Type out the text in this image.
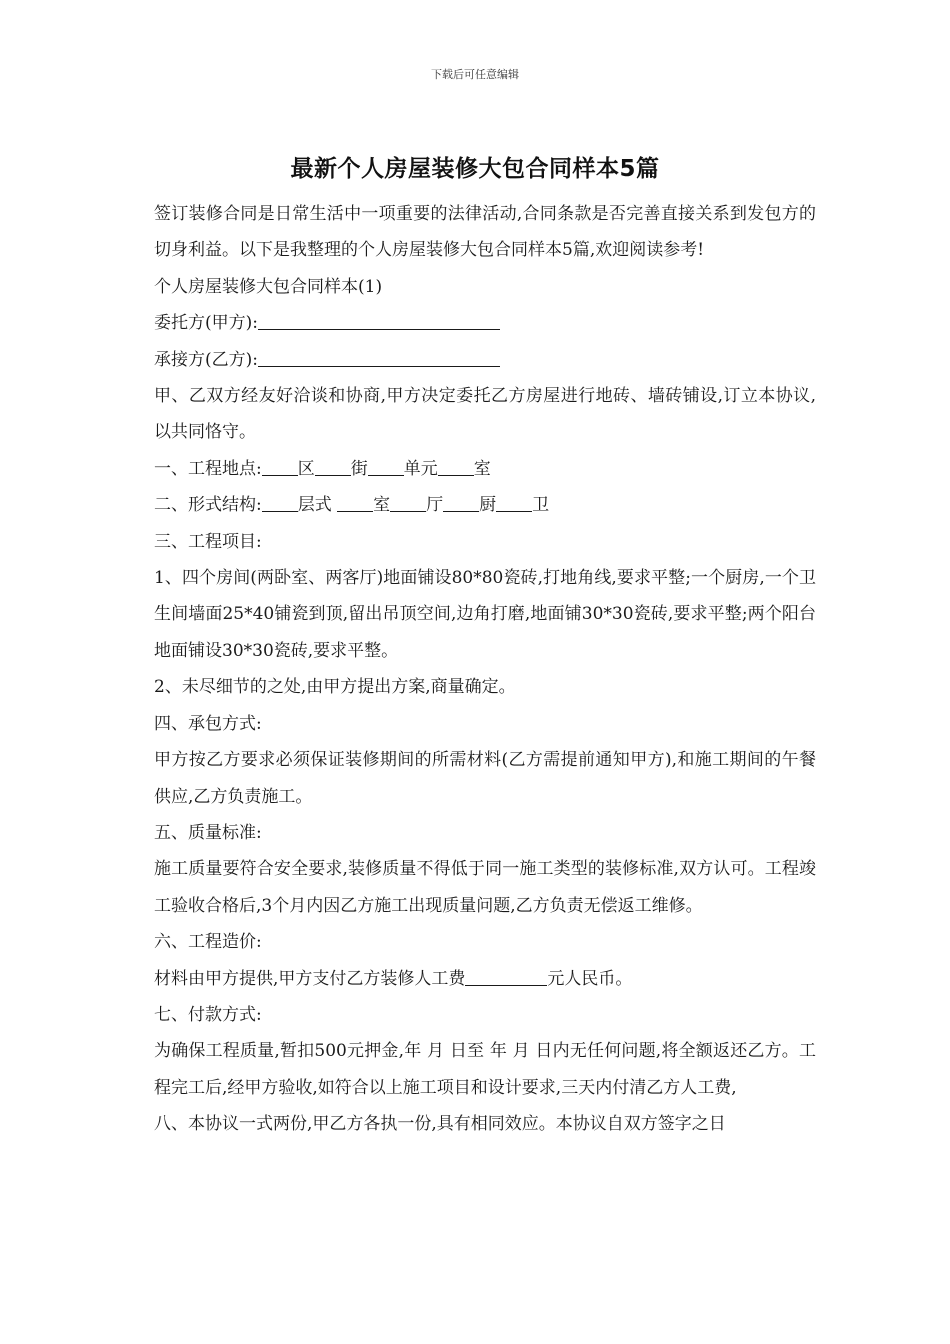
下载后可任意编辑
最新个人房屋装修大包合同样本5篇

签订装修合同是日常生活中一项重要的法律活动,合同条款是否完善直接关系到发包方的切身利益。以下是我整理的个人房屋装修大包合同样本5篇,欢迎阅读参考!

个人房屋装修大包合同样本(1)

委托方(甲方):

承接方(乙方):

甲、乙双方经友好洽谈和协商,甲方决定委托乙方房屋进行地砖、墙砖铺设,订立本协议,以共同恪守。

一、工程地点: 区 街 单元 室

二、形式结构: 层式 室 厅 厨 卫

三、工程项目:

1、四个房间(两卧室、两客厅)地面铺设80*80瓷砖,打地角线,要求平整;一个厨房,一个卫生间墙面25*40铺瓷到顶,留出吊顶空间,边角打磨,地面铺30*30瓷砖,要求平整;两个阳台地面铺设30*30瓷砖,要求平整。

2、未尽细节的之处,由甲方提出方案,商量确定。

四、承包方式:

甲方按乙方要求必须保证装修期间的所需材料(乙方需提前通知甲方),和施工期间的午餐供应,乙方负责施工。

五、质量标准:

施工质量要符合安全要求,装修质量不得低于同一施工类型的装修标准,双方认可。工程竣工验收合格后,3个月内因乙方施工出现质量问题,乙方负责无偿返工维修。

六、工程造价:

材料由甲方提供,甲方支付乙方装修人工费	元人民币。

七、付款方式:

为确保工程质量,暂扣500元押金,年 月 日至 年 月 日内无任何问题,将全额返还乙方。工程完工后,经甲方验收,如符合以上施工项目和设计要求,三天内付清乙方人工费,

八、本协议一式两份,甲乙方各执一份,具有相同效应。本协议自双方签字之日
